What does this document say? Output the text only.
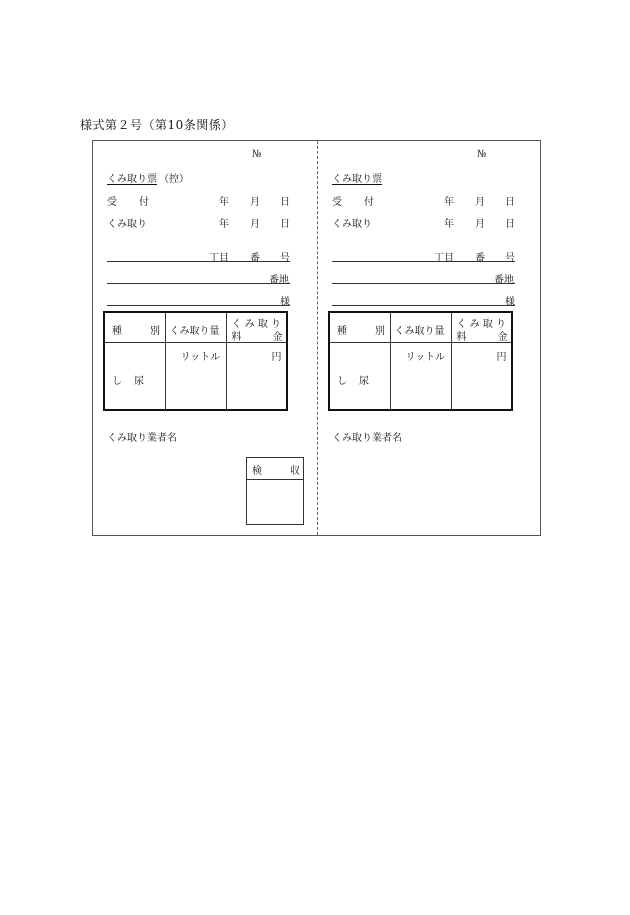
様式第２号（第10条関係）
№
くみ取り票 （控）
受 付	年 月 日
くみ取り	年 月 日
丁目 番 号
番地
様
種 別	くみ取り量	く み 取 り
料 金

し 尿	リットル	円
くみ取り業者名
検	収
№
くみ取り票
受 付	年 月 日
くみ取り	年 月 日
丁目 番 号
番地
様
種 別	くみ取り量	く み 取 り
料 金

し 尿	リットル	円
くみ取り業者名
